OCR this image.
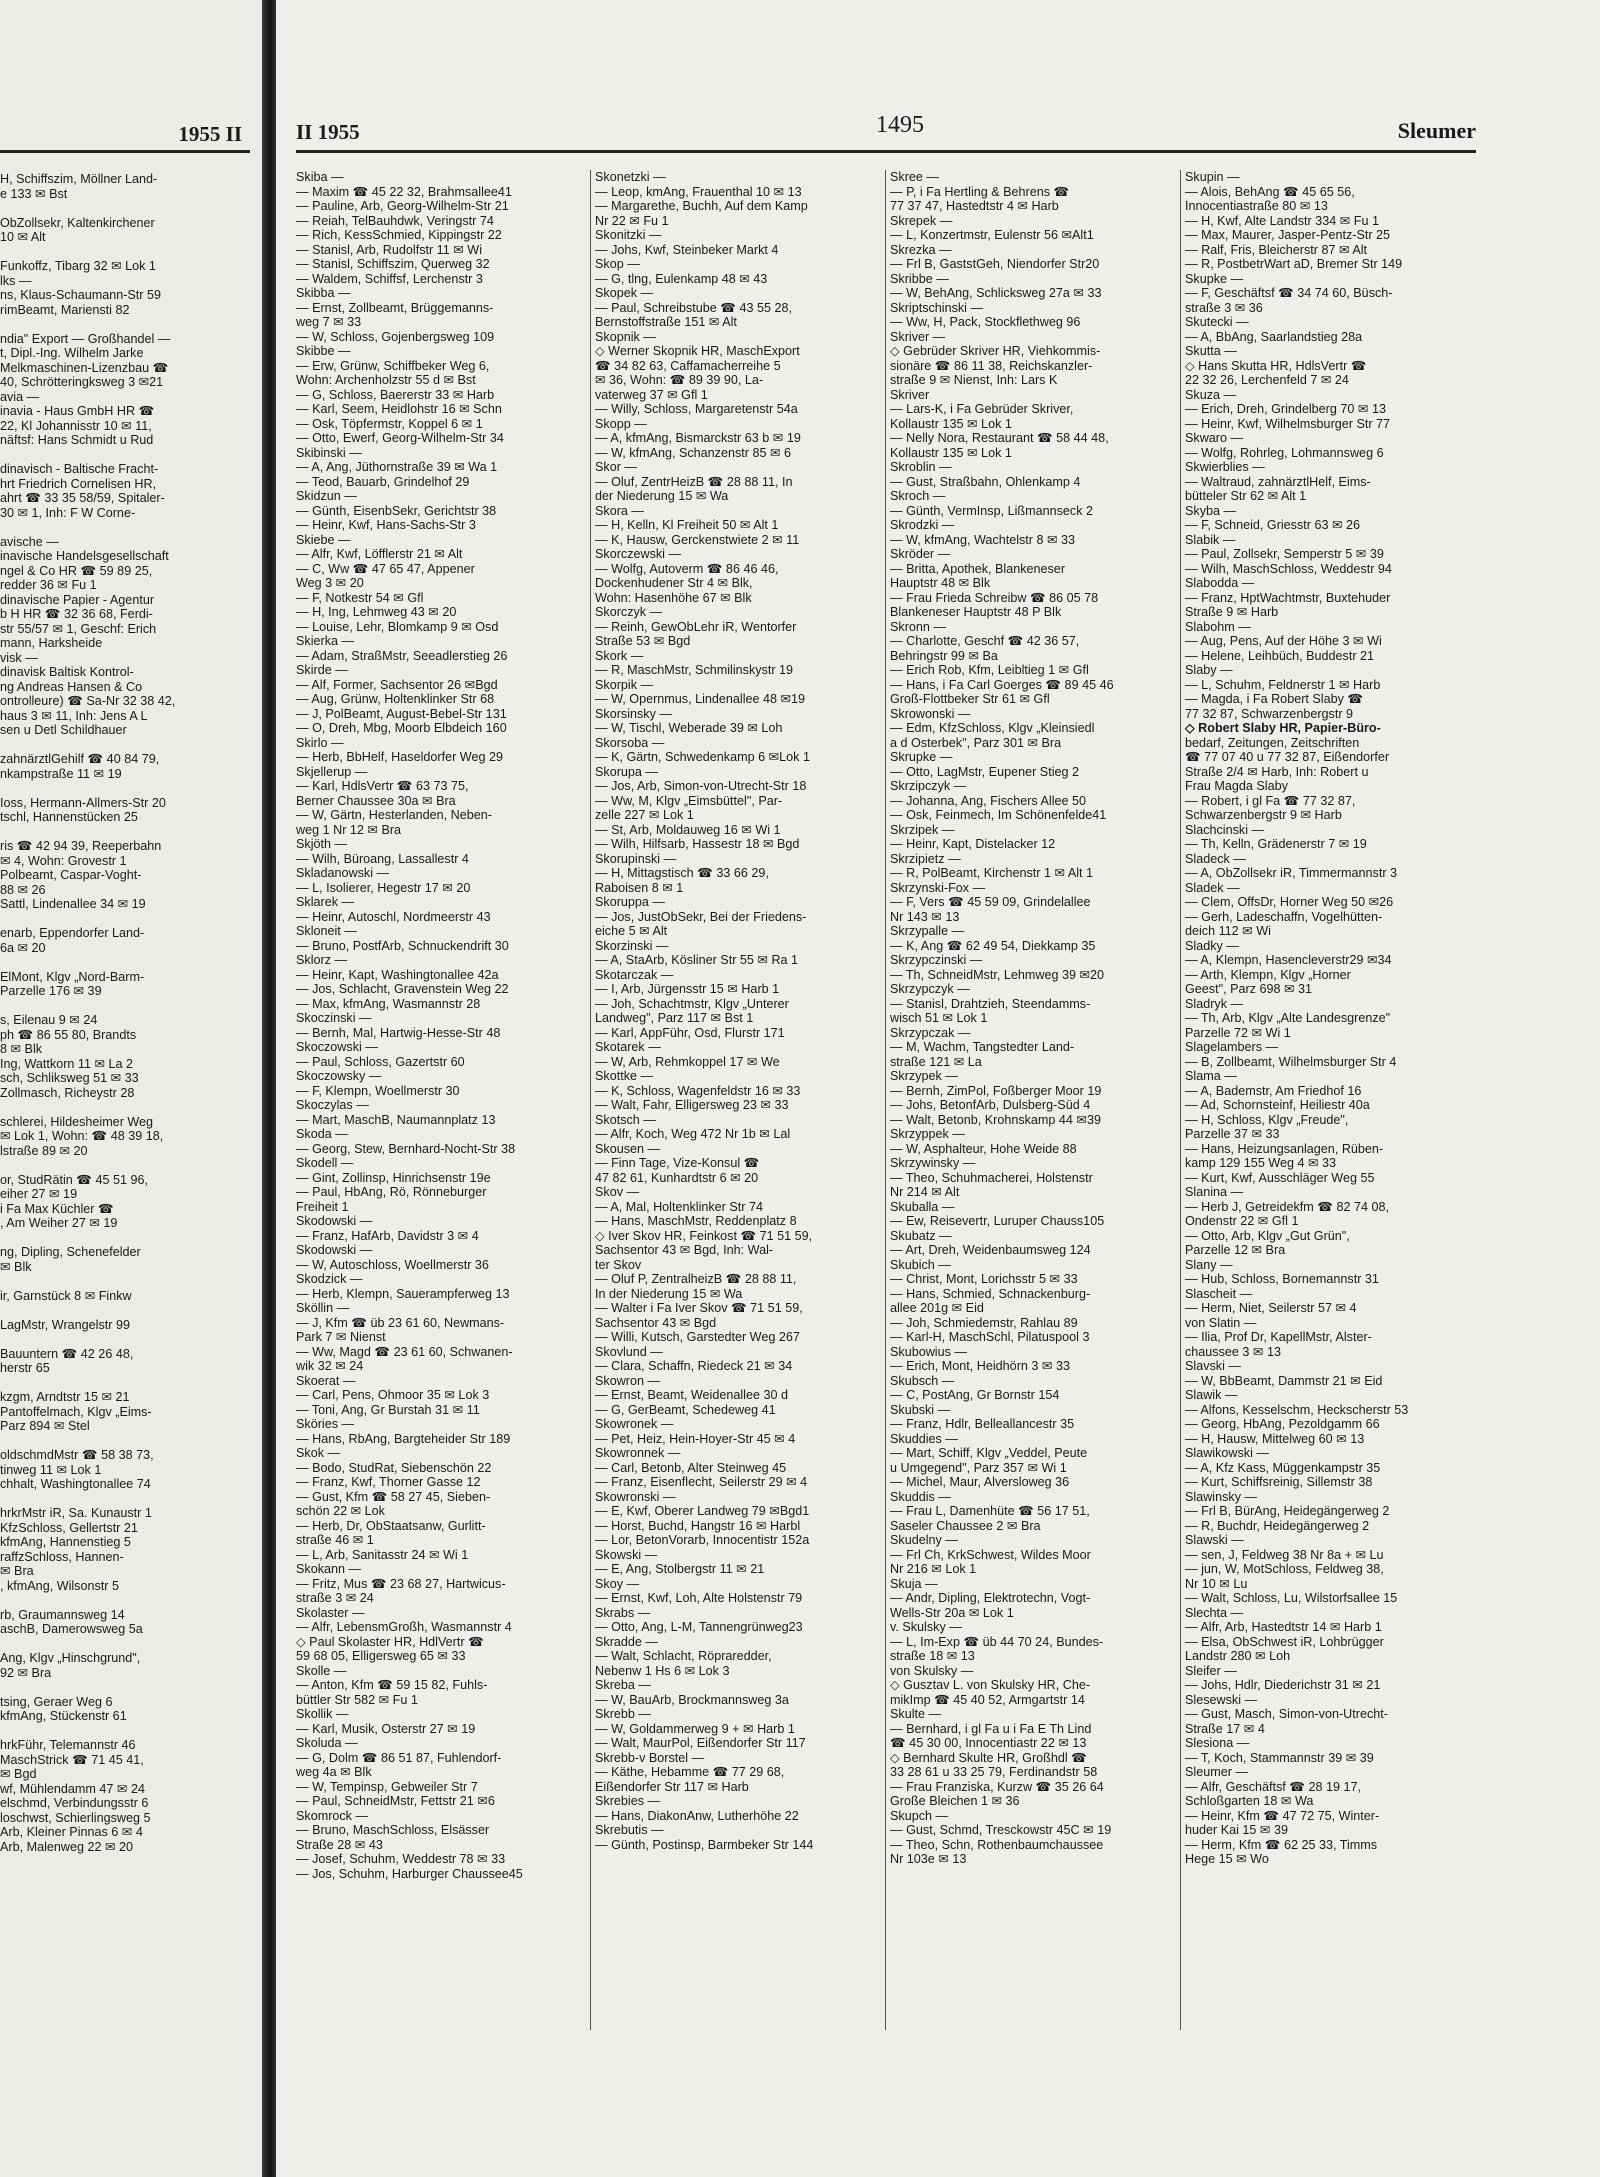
1955 II
H, Schiffszim, Möllner Land-
e 133 ✉ Bst

ObZollsekr, Kaltenkirchener
10 ✉ Alt

Funkoffz, Tibarg 32 ✉ Lok 1
lks —
ns, Klaus-Schaumann-Str 59
rimBeamt, Mariensti 82

ndia" Export — Großhandel —
t, Dipl.-Ing. Wilhelm Jarke
Melkmaschinen-Lizenzbau ☎
40, Schrötteringksweg 3 ✉21
avia —
inavia - Haus GmbH HR ☎
22, Kl Johannisstr 10 ✉ 11,
näftsf: Hans Schmidt u Rud

dinavisch - Baltische Fracht-
hrt Friedrich Cornelisen HR,
ahrt ☎ 33 35 58/59, Spitaler-
30 ✉ 1, Inh: F W Corne-

avische —
inavische Handelsgesellschaft
ngel & Co HR ☎ 59 89 25,
redder 36 ✉ Fu 1
dinavische Papier - Agentur
b H HR ☎ 32 36 68, Ferdi-
str 55/57 ✉ 1, Geschf: Erich
mann, Harksheide
visk —
dinavisk Baltisk Kontrol-
ng Andreas Hansen & Co
ontrolleure) ☎ Sa-Nr 32 38 42,
haus 3 ✉ 11, Inh: Jens A L
sen u Detl Schildhauer

zahnärztlGehilf ☎ 40 84 79,
nkampstraße 11 ✉ 19

Ioss, Hermann-Allmers-Str 20
tschl, Hannenstücken 25

ris ☎ 42 94 39, Reeperbahn
✉ 4, Wohn: Grovestr 1
Polbeamt, Caspar-Voght-
88 ✉ 26
Sattl, Lindenallee 34 ✉ 19

enarb, Eppendorfer Land-
6a ✉ 20

ElMont, Klgv „Nord-Barm-
Parzelle 176 ✉ 39

s, Eilenau 9 ✉ 24
ph ☎ 86 55 80, Brandts
8 ✉ Blk
Ing, Wattkorn 11 ✉ La 2
sch, Schliksweg 51 ✉ 33
Zollmasch, Richeystr 28

schlerei, Hildesheimer Weg
✉ Lok 1, Wohn: ☎ 48 39 18,
lstraße 89 ✉ 20

or, StudRätin ☎ 45 51 96,
eiher 27 ✉ 19
i Fa Max Küchler ☎
, Am Weiher 27 ✉ 19

ng, Dipling, Schenefelder
✉ Blk

ir, Garnstück 8 ✉ Finkw

LagMstr, Wrangelstr 99

Bauuntern ☎ 42 26 48,
herstr 65

kzgm, Arndtstr 15 ✉ 21
Pantoffelmach, Klgv „Eims-
Parz 894 ✉ Stel

oldschmdMstr ☎ 58 38 73,
tinweg 11 ✉ Lok 1
chhalt, Washingtonallee 74

hrkrMstr iR, Sa. Kunaustr 1
KfzSchloss, Gellertstr 21
kfmAng, Hannenstieg 5
raffzSchloss, Hannen-
✉ Bra
, kfmAng, Wilsonstr 5

rb, Graumannsweg 14
aschB, Damerowsweg 5a

Ang, Klgv „Hinschgrund",
92 ✉ Bra

tsing, Geraer Weg 6
kfmAng, Stückenstr 61

hrkFühr, Telemannstr 46
MaschStrick ☎ 71 45 41,
✉ Bgd
wf, Mühlendamm 47 ✉ 24
elschmd, Verbindungsstr 6
loschwst, Schierlingsweg 5
Arb, Kleiner Pinnas 6 ✉ 4
Arb, Malenweg 22 ✉ 20
II 1955	1495	Sleumer
Skiba —
— Maxim ☎ 45 22 32, Brahmsallee41
— Pauline, Arb, Georg-Wilhelm-Str 21
— Reiah, TelBauhdwk, Veringstr 74
— Rich, KessSchmied, Kippingstr 22
— Stanisl, Arb, Rudolfstr 11 ✉ Wi
— Stanisl, Schiffszim, Querweg 32
— Waldem, Schiffsf, Lerchenstr 3
Skibba —
— Ernst, Zollbeamt, Brüggemanns-
weg 7 ✉ 33
— W, Schloss, Gojenbergsweg 109
Skibbe —
— Erw, Grünw, Schiffbeker Weg 6,
Wohn: Archenholzstr 55 d ✉ Bst
— G, Schloss, Baererstr 33 ✉ Harb
— Karl, Seem, Heidlohstr 16 ✉ Schn
— Osk, Töpfermstr, Koppel 6 ✉ 1
— Otto, Ewerf, Georg-Wilhelm-Str 34
Skibinski —
— A, Ang, Jüthornstraße 39 ✉ Wa 1
— Teod, Bauarb, Grindelhof 29
Skidzun —
— Günth, EisenbSekr, Gerichtstr 38
— Heinr, Kwf, Hans-Sachs-Str 3
Skiebe —
— Alfr, Kwf, Löfflerstr 21 ✉ Alt
— C, Ww ☎ 47 65 47, Appener
Weg 3 ✉ 20
— F, Notkestr 54 ✉ Gfl
— H, Ing, Lehmweg 43 ✉ 20
— Louise, Lehr, Blomkamp 9 ✉ Osd
Skierka —
— Adam, StraßMstr, Seeadlerstieg 26
Skirde —
— Alf, Former, Sachsentor 26 ✉Bgd
— Aug, Grünw, Holtenklinker Str 68
— J, PolBeamt, August-Bebel-Str 131
— O, Dreh, Mbg, Moorb Elbdeich 160
Skirlo —
— Herb, BbHelf, Haseldorfer Weg 29
Skjellerup —
— Karl, HdlsVertr ☎ 63 73 75,
Berner Chaussee 30a ✉ Bra
— W, Gärtn, Hesterlanden, Neben-
weg 1 Nr 12 ✉ Bra
Skjöth —
— Wilh, Büroang, Lassallestr 4
Skladanowski —
— L, Isolierer, Hegestr 17 ✉ 20
Sklarek —
— Heinr, Autoschl, Nordmeerstr 43
Skloneit —
— Bruno, PostfArb, Schnuckendrift 30
Sklorz —
— Heinr, Kapt, Washingtonallee 42a
— Jos, Schlacht, Gravenstein Weg 22
— Max, kfmAng, Wasmannstr 28
Skoczinski —
— Bernh, Mal, Hartwig-Hesse-Str 48
Skoczowski —
— Paul, Schloss, Gazertstr 60
Skoczowsky —
— F, Klempn, Woellmerstr 30
Skoczylas —
— Mart, MaschB, Naumannplatz 13
Skoda —
— Georg, Stew, Bernhard-Nocht-Str 38
Skodell —
— Gint, Zollinsp, Hinrichsenstr 19e
— Paul, HbAng, Rö, Rönneburger
Freiheit 1
Skodowski —
— Franz, HafArb, Davidstr 3 ✉ 4
Skodowski —
— W, Autoschloss, Woellmerstr 36
Skodzick —
— Herb, Klempn, Sauerampferweg 13
Sköllin —
— J, Kfm ☎ üb 23 61 60, Newmans-
Park 7 ✉ Nienst
— Ww, Magd ☎ 23 61 60, Schwanen-
wik 32 ✉ 24
Skoerat —
— Carl, Pens, Ohmoor 35 ✉ Lok 3
— Toni, Ang, Gr Burstah 31 ✉ 11
Sköries —
— Hans, RbAng, Bargteheider Str 189
Skok —
— Bodo, StudRat, Siebenschön 22
— Franz, Kwf, Thorner Gasse 12
— Gust, Kfm ☎ 58 27 45, Sieben-
schön 22 ✉ Lok
— Herb, Dr, ObStaatsanw, Gurlitt-
straße 46 ✉ 1
— L, Arb, Sanitasstr 24 ✉ Wi 1
Skokann —
— Fritz, Mus ☎ 23 68 27, Hartwicus-
straße 3 ✉ 24
Skolaster —
— Alfr, LebensmGroßh, Wasmannstr 4
◇ Paul Skolaster HR, HdlVertr ☎
59 68 05, Elligersweg 65 ✉ 33
Skolle —
— Anton, Kfm ☎ 59 15 82, Fuhls-
büttler Str 582 ✉ Fu 1
Skollik —
— Karl, Musik, Osterstr 27 ✉ 19
Skoluda —
— G, Dolm ☎ 86 51 87, Fuhlendorf-
weg 4a ✉ Blk
— W, Tempinsp, Gebweiler Str 7
— Paul, SchneidMstr, Fettstr 21 ✉6
Skomrock —
— Bruno, MaschSchloss, Elsässer
Straße 28 ✉ 43
— Josef, Schuhm, Weddestr 78 ✉ 33
— Jos, Schuhm, Harburger Chaussee45
Skonetzki —
— Leop, kmAng, Frauenthal 10 ✉ 13
— Margarethe, Buchh, Auf dem Kamp
Nr 22 ✉ Fu 1
Skonitzki —
— Johs, Kwf, Steinbeker Markt 4
Skop —
— G, tlng, Eulenkamp 48 ✉ 43
Skopek —
— Paul, Schreibstube ☎ 43 55 28,
Bernstoffstraße 151 ✉ Alt
Skopnik —
◇ Werner Skopnik HR, MaschExport
☎ 34 82 63, Caffamacherreihe 5
✉ 36, Wohn: ☎ 89 39 90, La-
vaterweg 37 ✉ Gfl 1
— Willy, Schloss, Margaretenstr 54a
Skopp —
— A, kfmAng, Bismarckstr 63 b ✉ 19
— W, kfmAng, Schanzenstr 85 ✉ 6
Skor —
— Oluf, ZentrHeizB ☎ 28 88 11, In
der Niederung 15 ✉ Wa
Skora —
— H, Kelln, Kl Freiheit 50 ✉ Alt 1
— K, Hausw, Gerckenstwiete 2 ✉ 11
Skorczewski —
— Wolfg, Autoverm ☎ 86 46 46,
Dockenhudener Str 4 ✉ Blk,
Wohn: Hasenhöhe 67 ✉ Blk
Skorczyk —
— Reinh, GewObLehr iR, Wentorfer
Straße 53 ✉ Bgd
Skork —
— R, MaschMstr, Schmilinskystr 19
Skorpik —
— W, Opernmus, Lindenallee 48 ✉19
Skorsinsky —
— W, Tischl, Weberade 39 ✉ Loh
Skorsoba —
— K, Gärtn, Schwedenkamp 6 ✉Lok 1
Skorupa —
— Jos, Arb, Simon-von-Utrecht-Str 18
— Ww, M, Klgv „Eimsbüttel", Par-
zelle 227 ✉ Lok 1
— St, Arb, Moldauweg 16 ✉ Wi 1
— Wilh, Hilfsarb, Hassestr 18 ✉ Bgd
Skorupinski —
— H, Mittagstisch ☎ 33 66 29,
Raboisen 8 ✉ 1
Skoruppa —
— Jos, JustObSekr, Bei der Friedens-
eiche 5 ✉ Alt
Skorzinski —
— A, StaArb, Kösliner Str 55 ✉ Ra 1
Skotarczak —
— I, Arb, Jürgensstr 15 ✉ Harb 1
— Joh, Schachtmstr, Klgv „Unterer
Landweg", Parz 117 ✉ Bst 1
— Karl, AppFühr, Osd, Flurstr 171
Skotarek —
— W, Arb, Rehmkoppel 17 ✉ We
Skottke —
— K, Schloss, Wagenfeldstr 16 ✉ 33
— Walt, Fahr, Elligersweg 23 ✉ 33
Skotsch —
— Alfr, Koch, Weg 472 Nr 1b ✉ Lal
Skousen —
— Finn Tage, Vize-Konsul ☎
47 82 61, Kunhardtstr 6 ✉ 20
Skov —
— A, Mal, Holtenklinker Str 74
— Hans, MaschMstr, Reddenplatz 8
◇ Iver Skov HR, Feinkost ☎ 71 51 59,
Sachsentor 43 ✉ Bgd, Inh: Wal-
ter Skov
— Oluf P, ZentralheizB ☎ 28 88 11,
In der Niederung 15 ✉ Wa
— Walter i Fa Iver Skov ☎ 71 51 59,
Sachsentor 43 ✉ Bgd
— Willi, Kutsch, Garstedter Weg 267
Skovlund —
— Clara, Schaffn, Riedeck 21 ✉ 34
Skowron —
— Ernst, Beamt, Weidenallee 30 d
— G, GerBeamt, Schedeweg 41
Skowronek —
— Pet, Heiz, Hein-Hoyer-Str 45 ✉ 4
Skowronnek —
— Carl, Betonb, Alter Steinweg 45
— Franz, Eisenflecht, Seilerstr 29 ✉ 4
Skowronski —
— E, Kwf, Oberer Landweg 79 ✉Bgd1
— Horst, Buchd, Hangstr 16 ✉ Harbl
— Lor, BetonVorarb, Innocentistr 152a
Skowski —
— E, Ang, Stolbergstr 11 ✉ 21
Skoy —
— Ernst, Kwf, Loh, Alte Holstenstr 79
Skrabs —
— Otto, Ang, L-M, Tannengrünweg23
Skradde —
— Walt, Schlacht, Röpraredder,
Nebenw 1 Hs 6 ✉ Lok 3
Skreba —
— W, BauArb, Brockmannsweg 3a
Skrebb —
— W, Goldammerweg 9 + ✉ Harb 1
— Walt, MaurPol, Eißendorfer Str 117
Skrebb-v Borstel —
— Käthe, Hebamme ☎ 77 29 68,
Eißendorfer Str 117 ✉ Harb
Skrebies —
— Hans, DiakonAnw, Lutherhöhe 22
Skrebutis —
— Günth, Postinsp, Barmbeker Str 144
Skree —
— P, i Fa Hertling & Behrens ☎
77 37 47, Hastedtstr 4 ✉ Harb
Skrepek —
— L, Konzertmstr, Eulenstr 56 ✉Alt1
Skrezka —
— Frl B, GaststGeh, Niendorfer Str20
Skribbe —
— W, BehAng, Schlicksweg 27a ✉ 33
Skriptschinski —
— Ww, H, Pack, Stockflethweg 96
Skriver —
◇ Gebrüder Skriver HR, Viehkommis-
sionäre ☎ 86 11 38, Reichskanzler-
straße 9 ✉ Nienst, Inh: Lars K
Skriver
— Lars-K, i Fa Gebrüder Skriver,
Kollaustr 135 ✉ Lok 1
— Nelly Nora, Restaurant ☎ 58 44 48,
Kollaustr 135 ✉ Lok 1
Skroblin —
— Gust, Straßbahn, Ohlenkamp 4
Skroch —
— Günth, VermInsp, Lißmannseck 2
Skrodzki —
— W, kfmAng, Wachtelstr 8 ✉ 33
Skröder —
— Britta, Apothek, Blankeneser
Hauptstr 48 ✉ Blk
— Frau Frieda Schreibw ☎ 86 05 78
Blankeneser Hauptstr 48 P Blk
Skronn —
— Charlotte, Geschf ☎ 42 36 57,
Behringstr 99 ✉ Ba
— Erich Rob, Kfm, Leibltieg 1 ✉ Gfl
— Hans, i Fa Carl Goerges ☎ 89 45 46
Groß-Flottbeker Str 61 ✉ Gfl
Skrowonski —
— Edm, KfzSchloss, Klgv „Kleinsiedl
a d Osterbek", Parz 301 ✉ Bra
Skrupke —
— Otto, LagMstr, Eupener Stieg 2
Skrzipczyk —
— Johanna, Ang, Fischers Allee 50
— Osk, Feinmech, Im Schönenfelde41
Skrzipek —
— Heinr, Kapt, Distelacker 12
Skrzipietz —
— R, PolBeamt, Kirchenstr 1 ✉ Alt 1
Skrzynski-Fox —
— F, Vers ☎ 45 59 09, Grindelallee
Nr 143 ✉ 13
Skrzypalle —
— K, Ang ☎ 62 49 54, Diekkamp 35
Skrzypczinski —
— Th, SchneidMstr, Lehmweg 39 ✉20
Skrzypczyk —
— Stanisl, Drahtzieh, Steendamms-
wisch 51 ✉ Lok 1
Skrzypczak —
— M, Wachm, Tangstedter Land-
straße 121 ✉ La
Skrzypek —
— Bernh, ZimPol, Foßberger Moor 19
— Johs, BetonfArb, Dulsberg-Süd 4
— Walt, Betonb, Krohnskamp 44 ✉39
Skrzyppek —
— W, Asphalteur, Hohe Weide 88
Skrzywinsky —
— Theo, Schuhmacherei, Holstenstr
Nr 214 ✉ Alt
Skuballa —
— Ew, Reisevertr, Luruper Chauss105
Skubatz —
— Art, Dreh, Weidenbaumsweg 124
Skubich —
— Christ, Mont, Lorichsstr 5 ✉ 33
— Hans, Schmied, Schnackenburg-
allee 201g ✉ Eid
— Joh, Schmiedemstr, Rahlau 89
— Karl-H, MaschSchl, Pilatuspool 3
Skubowius —
— Erich, Mont, Heidhörn 3 ✉ 33
Skubsch —
— C, PostAng, Gr Bornstr 154
Skubski —
— Franz, Hdlr, Belleallancestr 35
Skuddies —
— Mart, Schiff, Klgv „Veddel, Peute
u Umgegend", Parz 357 ✉ Wi 1
— Michel, Maur, Alversloweg 36
Skuddis —
— Frau L, Damenhüte ☎ 56 17 51,
Saseler Chaussee 2 ✉ Bra
Skudelny —
— Frl Ch, KrkSchwest, Wildes Moor
Nr 216 ✉ Lok 1
Skuja —
— Andr, Dipling, Elektrotechn, Vogt-
Wells-Str 20a ✉ Lok 1
v. Skulsky —
— L, Im-Exp ☎ üb 44 70 24, Bundes-
straße 18 ✉ 13
von Skulsky —
◇ Gusztav L. von Skulsky HR, Che-
mikImp ☎ 45 40 52, Armgartstr 14
Skulte —
— Bernhard, i gl Fa u i Fa E Th Lind
☎ 45 30 00, Innocentiastr 22 ✉ 13
◇ Bernhard Skulte HR, Großhdl ☎
33 28 61 u 33 25 79, Ferdinandstr 58
— Frau Franziska, Kurzw ☎ 35 26 64
Große Bleichen 1 ✉ 36
Skupch —
— Gust, Schmd, Tresckowstr 45C ✉ 19
— Theo, Schn, Rothenbaumchaussee
Nr 103e ✉ 13
Skupin —
— Alois, BehAng ☎ 45 65 56,
Innocentiastraße 80 ✉ 13
— H, Kwf, Alte Landstr 334 ✉ Fu 1
— Max, Maurer, Jasper-Pentz-Str 25
— Ralf, Fris, Bleicherstr 87 ✉ Alt
— R, PostbetrWart aD, Bremer Str 149
Skupke —
— F, Geschäftsf ☎ 34 74 60, Büsch-
straße 3 ✉ 36
Skutecki —
— A, BbAng, Saarlandstieg 28a
Skutta —
◇ Hans Skutta HR, HdlsVertr ☎
22 32 26, Lerchenfeld 7 ✉ 24
Skuza —
— Erich, Dreh, Grindelberg 70 ✉ 13
— Heinr, Kwf, Wilhelmsburger Str 77
Skwaro —
— Wolfg, Rohrleg, Lohmannsweg 6
Skwierblies —
— Waltraud, zahnärztlHelf, Eims-
bütteler Str 62 ✉ Alt 1
Skyba —
— F, Schneid, Griesstr 63 ✉ 26
Slabik —
— Paul, Zollsekr, Semperstr 5 ✉ 39
— Wilh, MaschSchloss, Weddestr 94
Slabodda —
— Franz, HptWachtmstr, Buxtehuder
Straße 9 ✉ Harb
Slabohm —
— Aug, Pens, Auf der Höhe 3 ✉ Wi
— Helene, Leihbüch, Buddestr 21
Slaby —
— L, Schuhm, Feldnerstr 1 ✉ Harb
— Magda, i Fa Robert Slaby ☎
77 32 87, Schwarzenbergstr 9
◇ Robert Slaby HR, Papier-Büro-
bedarf, Zeitungen, Zeitschriften
☎ 77 07 40 u 77 32 87, Eißendorfer
Straße 2/4 ✉ Harb, Inh: Robert u
Frau Magda Slaby
— Robert, i gl Fa ☎ 77 32 87,
Schwarzenbergstr 9 ✉ Harb
Slachcinski —
— Th, Kelln, Grädenerstr 7 ✉ 19
Sladeck —
— A, ObZollsekr iR, Timmermannstr 3
Sladek —
— Clem, OffsDr, Horner Weg 50 ✉26
— Gerh, Ladeschaffn, Vogelhütten-
deich 112 ✉ Wi
Sladky —
— A, Klempn, Hasencleverstr29 ✉34
— Arth, Klempn, Klgv „Horner
Geest", Parz 698 ✉ 31
Sladryk —
— Th, Arb, Klgv „Alte Landesgrenze"
Parzelle 72 ✉ Wi 1
Slagelambers —
— B, Zollbeamt, Wilhelmsburger Str 4
Slama —
— A, Bademstr, Am Friedhof 16
— Ad, Schornsteinf, Heiliestr 40a
— H, Schloss, Klgv „Freude",
Parzelle 37 ✉ 33
— Hans, Heizungsanlagen, Rüben-
kamp 129 155 Weg 4 ✉ 33
— Kurt, Kwf, Ausschläger Weg 55
Slanina —
— Herb J, Getreidekfm ☎ 82 74 08,
Ondenstr 22 ✉ Gfl 1
— Otto, Arb, Klgv „Gut Grün",
Parzelle 12 ✉ Bra
Slany —
— Hub, Schloss, Bornemannstr 31
Slascheit —
— Herm, Niet, Seilerstr 57 ✉ 4
von Slatin —
— Ilia, Prof Dr, KapellMstr, Alster-
chaussee 3 ✉ 13
Slavski —
— W, BbBeamt, Dammstr 21 ✉ Eid
Slawik —
— Alfons, Kesselschm, Heckscherstr 53
— Georg, HbAng, Pezoldgamm 66
— H, Hausw, Mittelweg 60 ✉ 13
Slawikowski —
— A, Kfz Kass, Müggenkampstr 35
— Kurt, Schiffsreinig, Sillemstr 38
Slawinsky —
— Frl B, BürAng, Heidegängerweg 2
— R, Buchdr, Heidegängerweg 2
Slawski —
— sen, J, Feldweg 38 Nr 8a + ✉ Lu
— jun, W, MotSchloss, Feldweg 38,
Nr 10 ✉ Lu
— Walt, Schloss, Lu, Wilstorfsallee 15
Slechta —
— Alfr, Arb, Hastedtstr 14 ✉ Harb 1
— Elsa, ObSchwest iR, Lohbrügger
Landstr 280 ✉ Loh
Sleifer —
— Johs, Hdlr, Diederichstr 31 ✉ 21
Slesewski —
— Gust, Masch, Simon-von-Utrecht-
Straße 17 ✉ 4
Slesiona —
— T, Koch, Stammannstr 39 ✉ 39
Sleumer —
— Alfr, Geschäftsf ☎ 28 19 17,
Schloßgarten 18 ✉ Wa
— Heinr, Kfm ☎ 47 72 75, Winter-
huder Kai 15 ✉ 39
— Herm, Kfm ☎ 62 25 33, Timms
Hege 15 ✉ Wo
